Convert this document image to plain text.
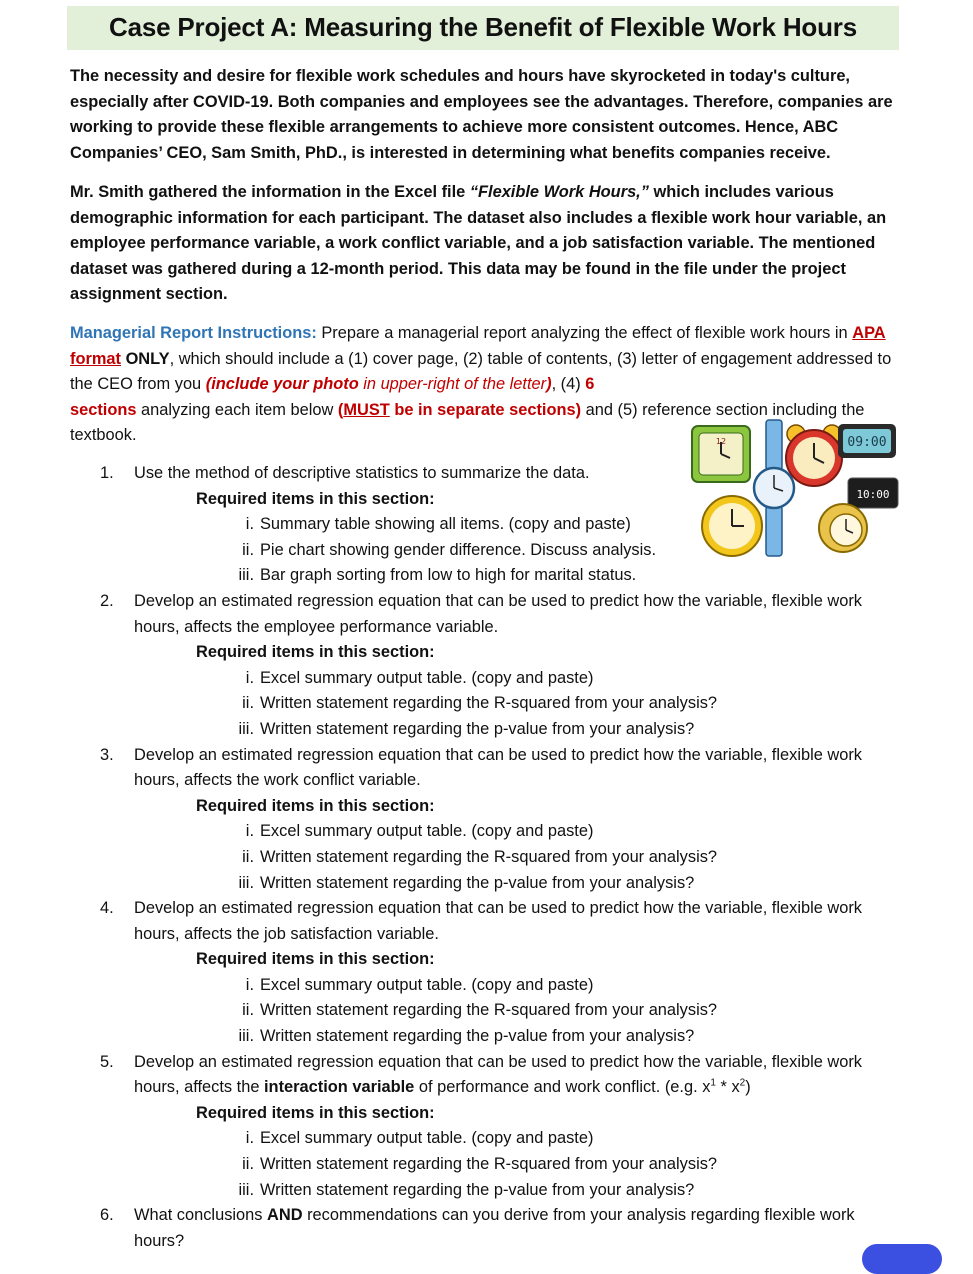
Case Project A: Measuring the Benefit of Flexible Work Hours

The necessity and desire for flexible work schedules and hours have skyrocketed in today's culture, especially after COVID-19. Both companies and employees see the advantages. Therefore, companies are working to provide these flexible arrangements to achieve more consistent outcomes. Hence, ABC Companies’ CEO, Sam Smith, PhD., is interested in determining what benefits companies receive.

Mr. Smith gathered the information in the Excel file “Flexible Work Hours,” which includes various demographic information for each participant. The dataset also includes a flexible work hour variable, an employee performance variable, a work conflict variable, and a job satisfaction variable. The mentioned dataset was gathered during a 12-month period. This data may be found in the file under the project assignment section.

Managerial Report Instructions: Prepare a managerial report analyzing the effect of flexible work hours in APA format ONLY, which should include a (1) cover page, (2) table of contents, (3) letter of engagement addressed to the CEO from you (include your photo in upper-right of the letter), (4) 6
sections analyzing each item below (MUST be in separate sections) and (5) reference section including the textbook.

1. Use the method of descriptive statistics to summarize the data.
Required items in this section:
i. Summary table showing all items. (copy and paste)
ii. Pie chart showing gender difference. Discuss analysis.
iii. Bar graph sorting from low to high for marital status.
2. Develop an estimated regression equation that can be used to predict how the variable, flexible work hours, affects the employee performance variable.
Required items in this section:
i. Excel summary output table. (copy and paste)
ii. Written statement regarding the R-squared from your analysis?
iii. Written statement regarding the p-value from your analysis?
3. Develop an estimated regression equation that can be used to predict how the variable, flexible work hours, affects the work conflict variable.
Required items in this section:
i. Excel summary output table. (copy and paste)
ii. Written statement regarding the R-squared from your analysis?
iii. Written statement regarding the p-value from your analysis?
4. Develop an estimated regression equation that can be used to predict how the variable, flexible work hours, affects the job satisfaction variable.
Required items in this section:
i. Excel summary output table. (copy and paste)
ii. Written statement regarding the R-squared from your analysis?
iii. Written statement regarding the p-value from your analysis?
5. Develop an estimated regression equation that can be used to predict how the variable, flexible work hours, affects the interaction variable of performance and work conflict. (e.g. $x^1 * x^2$)
Required items in this section:
i. Excel summary output table. (copy and paste)
ii. Written statement regarding the R-squared from your analysis?
iii. Written statement regarding the p-value from your analysis?
6. What conclusions AND recommendations can you derive from your analysis regarding flexible work hours?
12	09:00
10:00
